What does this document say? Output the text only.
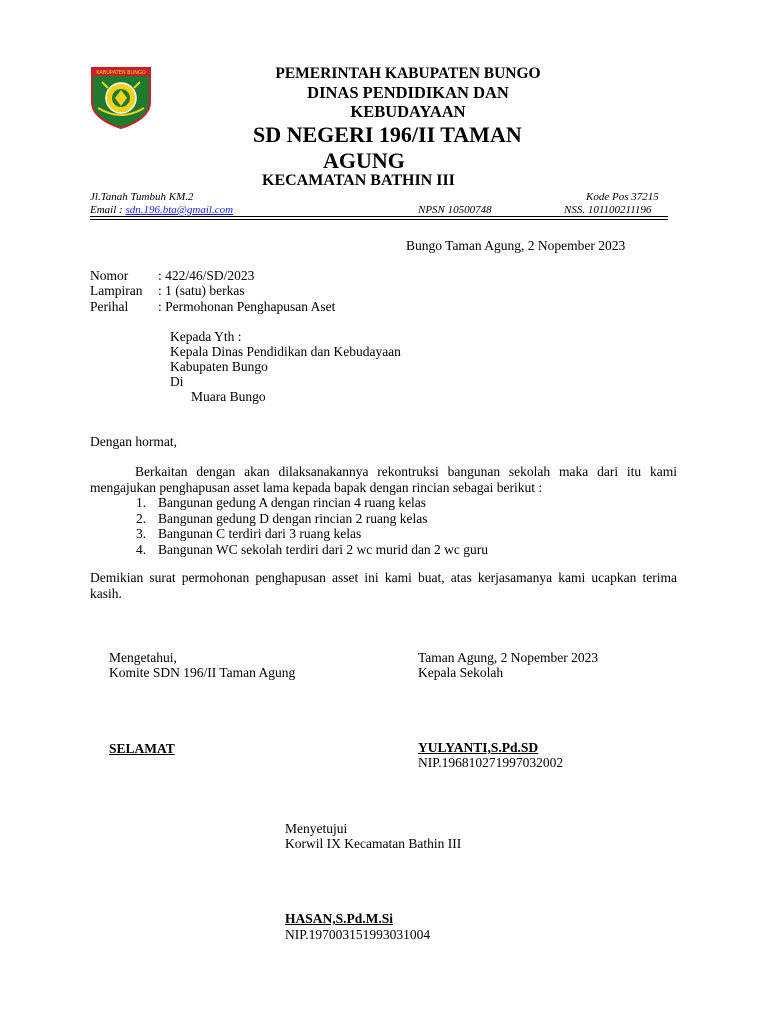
KABUPATEN BUNGO	PEMERINTAH KABUPATEN BUNGO
DINAS PENDIDIKAN DAN
KEBUDAYAAN
SD NEGERI 196/II TAMAN
AGUNG
KECAMATAN BATHIN III
Jl.Tanah Tumbuh KM.2	Kode Pos 37215
Email : sdn.196.bta@gmail.com	NPSN 10500748	NSS. 101100211196
Bungo Taman Agung, 2 Nopember 2023
Nomor : 422/46/SD/2023
Lampiran : 1 (satu) berkas
Perihal : Permohonan Penghapusan Aset
Kepada Yth :
Kepala Dinas Pendidikan dan Kebudayaan
Kabupaten Bungo
Di
Muara Bungo
Dengan hormat,
Berkaitan dengan akan dilaksanakannya rekontruksi bangunan sekolah maka dari itu kami mengajukan penghapusan asset lama kepada bapak dengan rincian sebagai berikut :
1. Bangunan gedung A dengan rincian 4 ruang kelas
2. Bangunan gedung D dengan rincian 2 ruang kelas
3. Bangunan C terdiri dari 3 ruang kelas
4. Bangunan WC sekolah terdiri dari 2 wc murid dan 2 wc guru
Demikian surat permohonan penghapusan asset ini kami buat, atas kerjasamanya kami ucapkan terima kasih.
Mengetahui,
Komite SDN 196/II Taman Agung
SELAMAT
Taman Agung, 2 Nopember 2023
Kepala Sekolah
YULYANTI,S.Pd.SD
NIP.196810271997032002
Menyetujui
Korwil IX Kecamatan Bathin III
HASAN,S.Pd.M.Si
NIP.197003151993031004
